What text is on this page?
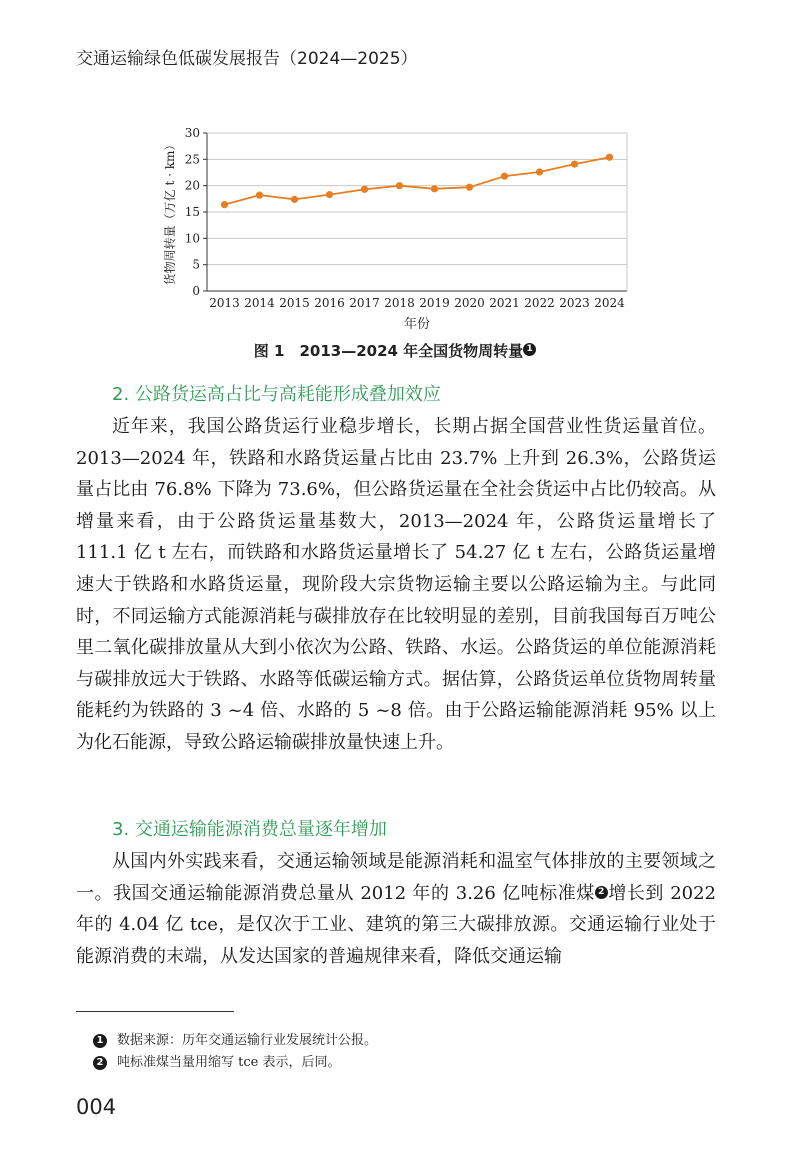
交通运输绿色低碳发展报告（2024—2025）
0
5
10
15
20
25
30
2013 2014 2015 2016 2017 2018 2019 2020 2021 2022 2023 2024
年份
货物周转量（万亿 t · km）
图 1　2013—2024 年全国货物周转量 1
2. 公路货运高占比与高耗能形成叠加效应

近年来，我国公路货运行业稳步增长，长期占据全国营业性货运量首位。2013—2024 年，铁路和水路货运量占比由 23.7% 上升到 26.3%，公路货运量占比由 76.8% 下降为 73.6%，但公路货运量在全社会货运中占比仍较高。从增量来看，由于公路货运量基数大，2013—2024 年，公路货运量增长了 111.1 亿 t 左右，而铁路和水路货运量增长了 54.27 亿 t 左右，公路货运量增速大于铁路和水路货运量，现阶段大宗货物运输主要以公路运输为主。与此同时，不同运输方式能源消耗与碳排放存在比较明显的差别，目前我国每百万吨公里二氧化碳排放量从大到小依次为公路、铁路、水运。公路货运的单位能源消耗与碳排放远大于铁路、水路等低碳运输方式。据估算，公路货运单位货物周转量能耗约为铁路的 3 ~4 倍、水路的 5 ~8 倍。由于公路运输能源消耗 95% 以上为化石能源，导致公路运输碳排放量快速上升。

3. 交通运输能源消费总量逐年增加

从国内外实践来看，交通运输领域是能源消耗和温室气体排放的主要领域之一。我国交通运输能源消费总量从 2012 年的 3.26 亿吨标准煤 2 增长到 2022 年的 4.04 亿 tce，是仅次于工业、建筑的第三大碳排放源。交通运输行业处于能源消费的末端，从发达国家的普遍规律来看，降低交通运输

1 数据来源：历年交通运输行业发展统计公报。
2 吨标准煤当量用缩写 tce 表示，后同。
004
